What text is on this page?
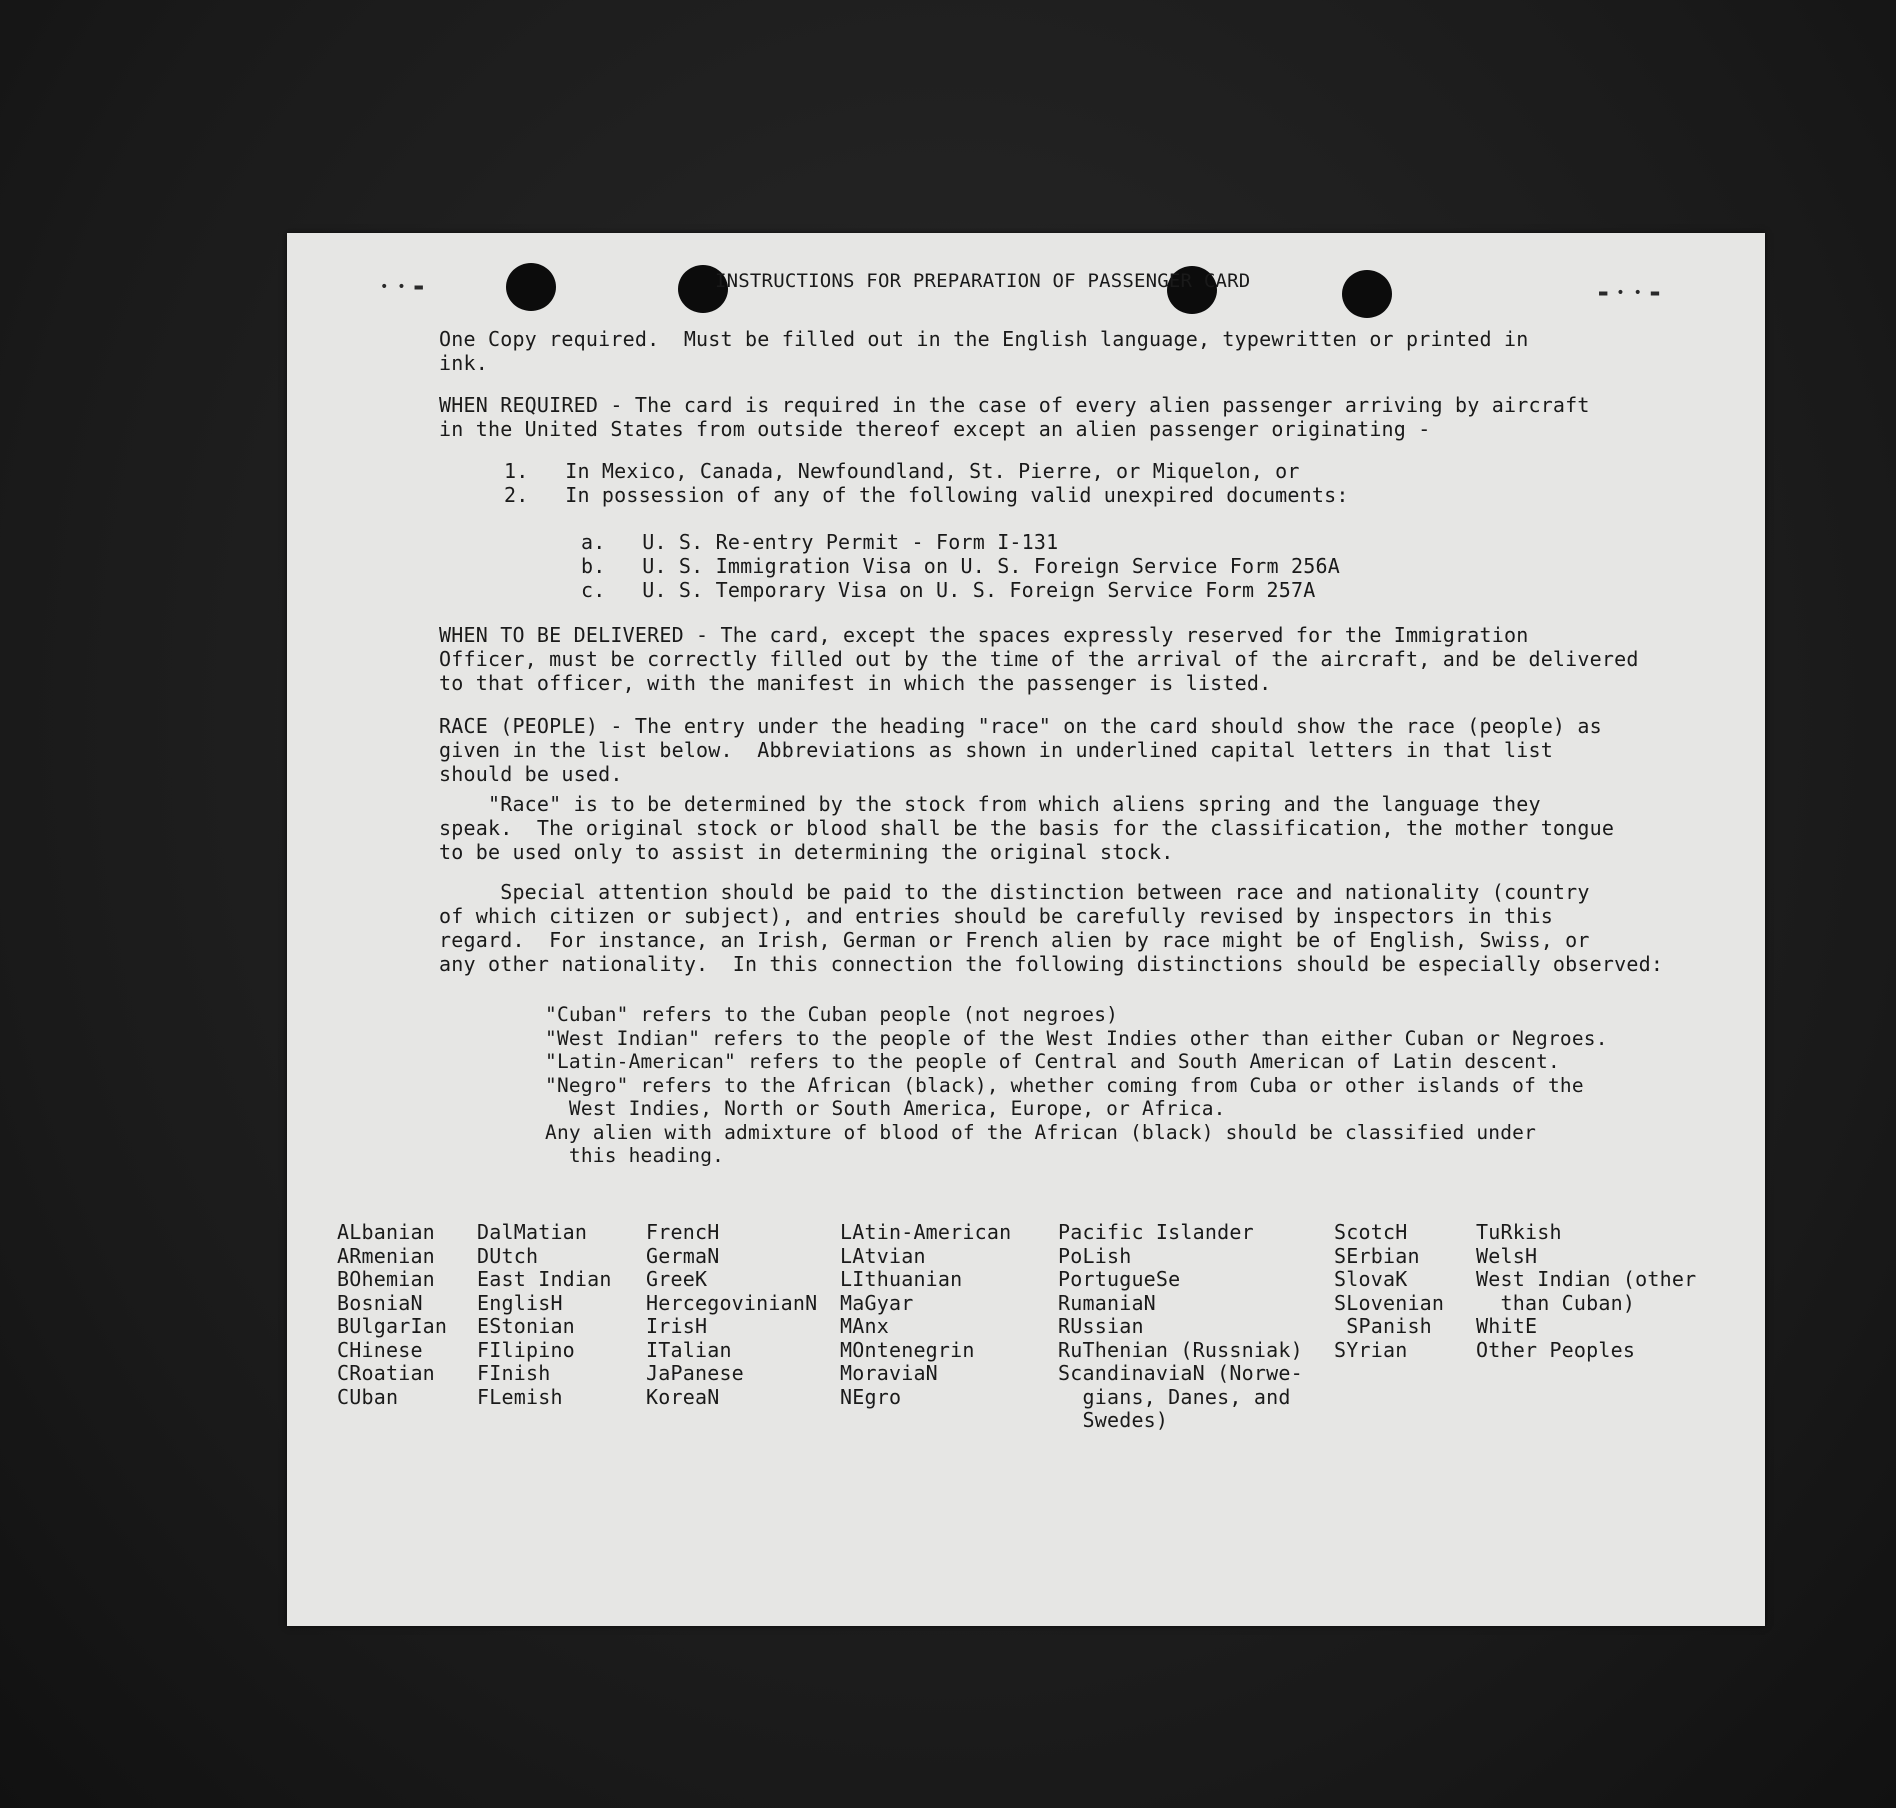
• • ▬	▬ • • ▬
INSTRUCTIONS FOR PREPARATION OF PASSENGER CARD
One Copy required.  Must be filled out in the English language, typewritten or printed in
ink.
WHEN REQUIRED - The card is required in the case of every alien passenger arriving by aircraft
in the United States from outside thereof except an alien passenger originating -
1.   In Mexico, Canada, Newfoundland, St. Pierre, or Miquelon, or
2.   In possession of any of the following valid unexpired documents:
a.   U. S. Re-entry Permit - Form I-131
b.   U. S. Immigration Visa on U. S. Foreign Service Form 256A
c.   U. S. Temporary Visa on U. S. Foreign Service Form 257A
WHEN TO BE DELIVERED - The card, except the spaces expressly reserved for the Immigration
Officer, must be correctly filled out by the time of the arrival of the aircraft, and be delivered
to that officer, with the manifest in which the passenger is listed.
RACE (PEOPLE) - The entry under the heading "race" on the card should show the race (people) as
given in the list below.  Abbreviations as shown in underlined capital letters in that list
should be used.
"Race" is to be determined by the stock from which aliens spring and the language they
speak.  The original stock or blood shall be the basis for the classification, the mother tongue
to be used only to assist in determining the original stock.
Special attention should be paid to the distinction between race and nationality (country
of which citizen or subject), and entries should be carefully revised by inspectors in this
regard.  For instance, an Irish, German or French alien by race might be of English, Swiss, or
any other nationality.  In this connection the following distinctions should be especially observed:
"Cuban" refers to the Cuban people (not negroes)
"West Indian" refers to the people of the West Indies other than either Cuban or Negroes.
"Latin-American" refers to the people of Central and South American of Latin descent.
"Negro" refers to the African (black), whether coming from Cuba or other islands of the
West Indies, North or South America, Europe, or Africa.
Any alien with admixture of blood of the African (black) should be classified under
this heading.
ALbanian
ARmenian
BOhemian
BosniaN
BUlgarIan
CHinese
CRoatian
CUban
DalMatian
DUtch
East Indian
EnglisH
EStonian
FIlipino
FInish
FLemish
FrencH
GermaN
GreeK
HercegovinianN
IrisH
ITalian
JaPanese
KoreaN
LAtin-American
LAtvian
LIthuanian
MaGyar
MAnx
MOntenegrin
MoraviaN
NEgro
Pacific Islander
PoLish
PortugueSe
RumaniaN
RUssian
RuThenian (Russniak)
ScandinaviaN (Norwe-
gians, Danes, and
Swedes)
ScotcH
SErbian
SlovaK
SLovenian
SPanish
SYrian
TuRkish
WelsH
West Indian (other
than Cuban)
WhitE
Other Peoples
